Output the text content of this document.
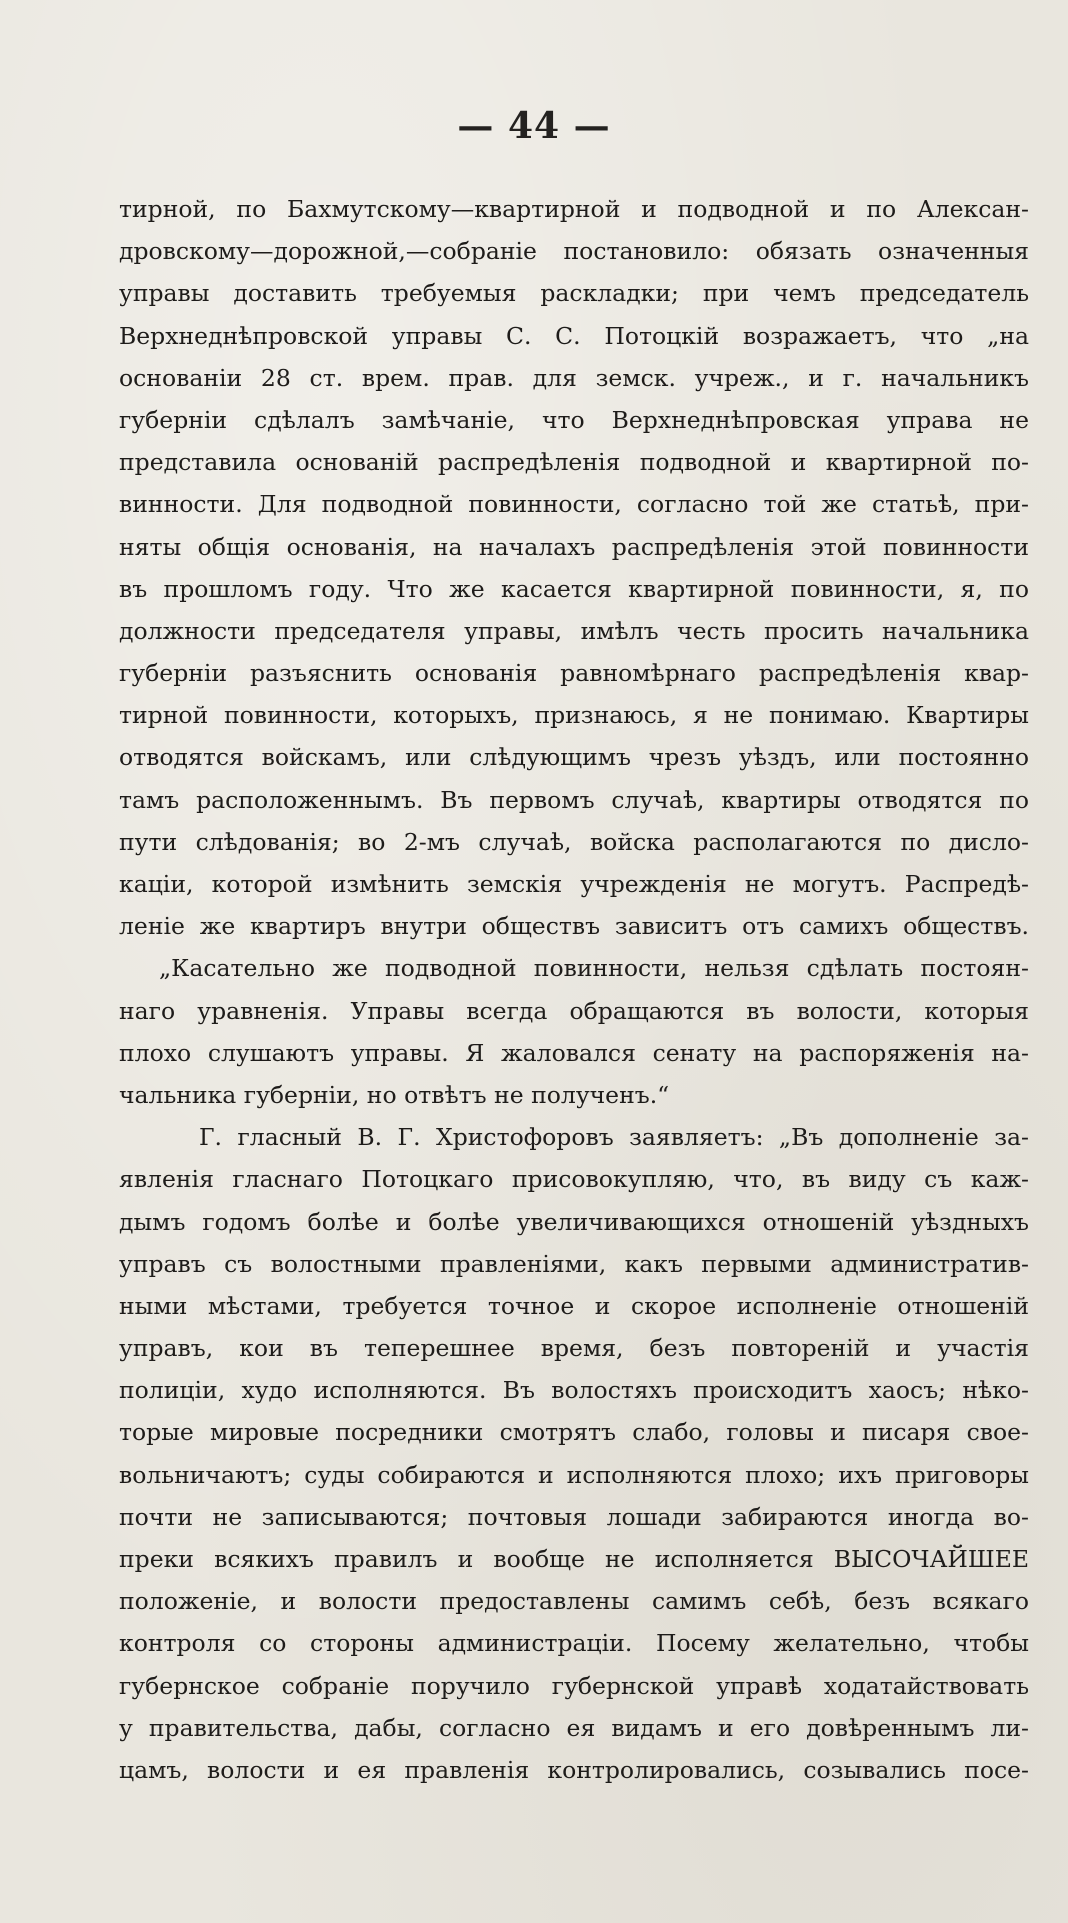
— 44 —
тирной, по Бахмутскому—квартирной и подводной и по Алексан-
дровскому—дорожной,—собраніе постановило: обязать означенныя
управы доставить требуемыя раскладки; при чемъ председатель
Верхнеднѣпровской управы С. С. Потоцкій возражаетъ, что „на
основаніи 28 ст. врем. прав. для земск. учреж., и г. начальникъ
губерніи сдѣлалъ замѣчаніе, что Верхнеднѣпровская управа не
представила основаній распредѣленія подводной и квартирной по-
винности. Для подводной повинности, согласно той же статьѣ, при-
няты общія основанія, на началахъ распредѣленія этой повинности
въ прошломъ году. Что же касается квартирной повинности, я, по
должности председателя управы, имѣлъ честь просить начальника
губерніи разъяснить основанія равномѣрнаго распредѣленія квар-
тирной повинности, которыхъ, признаюсь, я не понимаю. Квартиры
отводятся войскамъ, или слѣдующимъ чрезъ уѣздъ, или постоянно
тамъ расположеннымъ. Въ первомъ случаѣ, квартиры отводятся по
пути слѣдованія; во 2-мъ случаѣ, войска располагаются по дисло-
каціи, которой измѣнить земскія учрежденія не могутъ. Распредѣ-
леніе же квартиръ внутри обществъ зависитъ отъ самихъ обществъ.
„Касательно же подводной повинности, нельзя сдѣлать постоян-
наго уравненія. Управы всегда обращаются въ волости, которыя
плохо слушаютъ управы. Я жаловался сенату на распоряженія на-
чальника губерніи, но отвѣтъ не полученъ.“
Г. гласный В. Г. Христофоровъ заявляетъ: „Въ дополненіе за-
явленія гласнаго Потоцкаго присовокупляю, что, въ виду съ каж-
дымъ годомъ болѣе и болѣе увеличивающихся отношеній уѣздныхъ
управъ съ волостными правленіями, какъ первыми административ-
ными мѣстами, требуется точное и скорое исполненіе отношеній
управъ, кои въ теперешнее время, безъ повтореній и участія
полиціи, худо исполняются. Въ волостяхъ происходитъ хаосъ; нѣко-
торые мировые посредники смотрятъ слабо, головы и писаря свое-
вольничаютъ; суды собираются и исполняются плохо; ихъ приговоры
почти не записываются; почтовыя лошади забираются иногда во-
преки всякихъ правилъ и вообще не исполняется ВЫСОЧАЙШЕЕ
положеніе, и волости предоставлены самимъ себѣ, безъ всякаго
контроля со стороны администраціи. Посему желательно, чтобы
губернское собраніе поручило губернской управѣ ходатайствовать
у правительства, дабы, согласно ея видамъ и его довѣреннымъ ли-
цамъ, волости и ея правленія контролировались, созывались посе-
